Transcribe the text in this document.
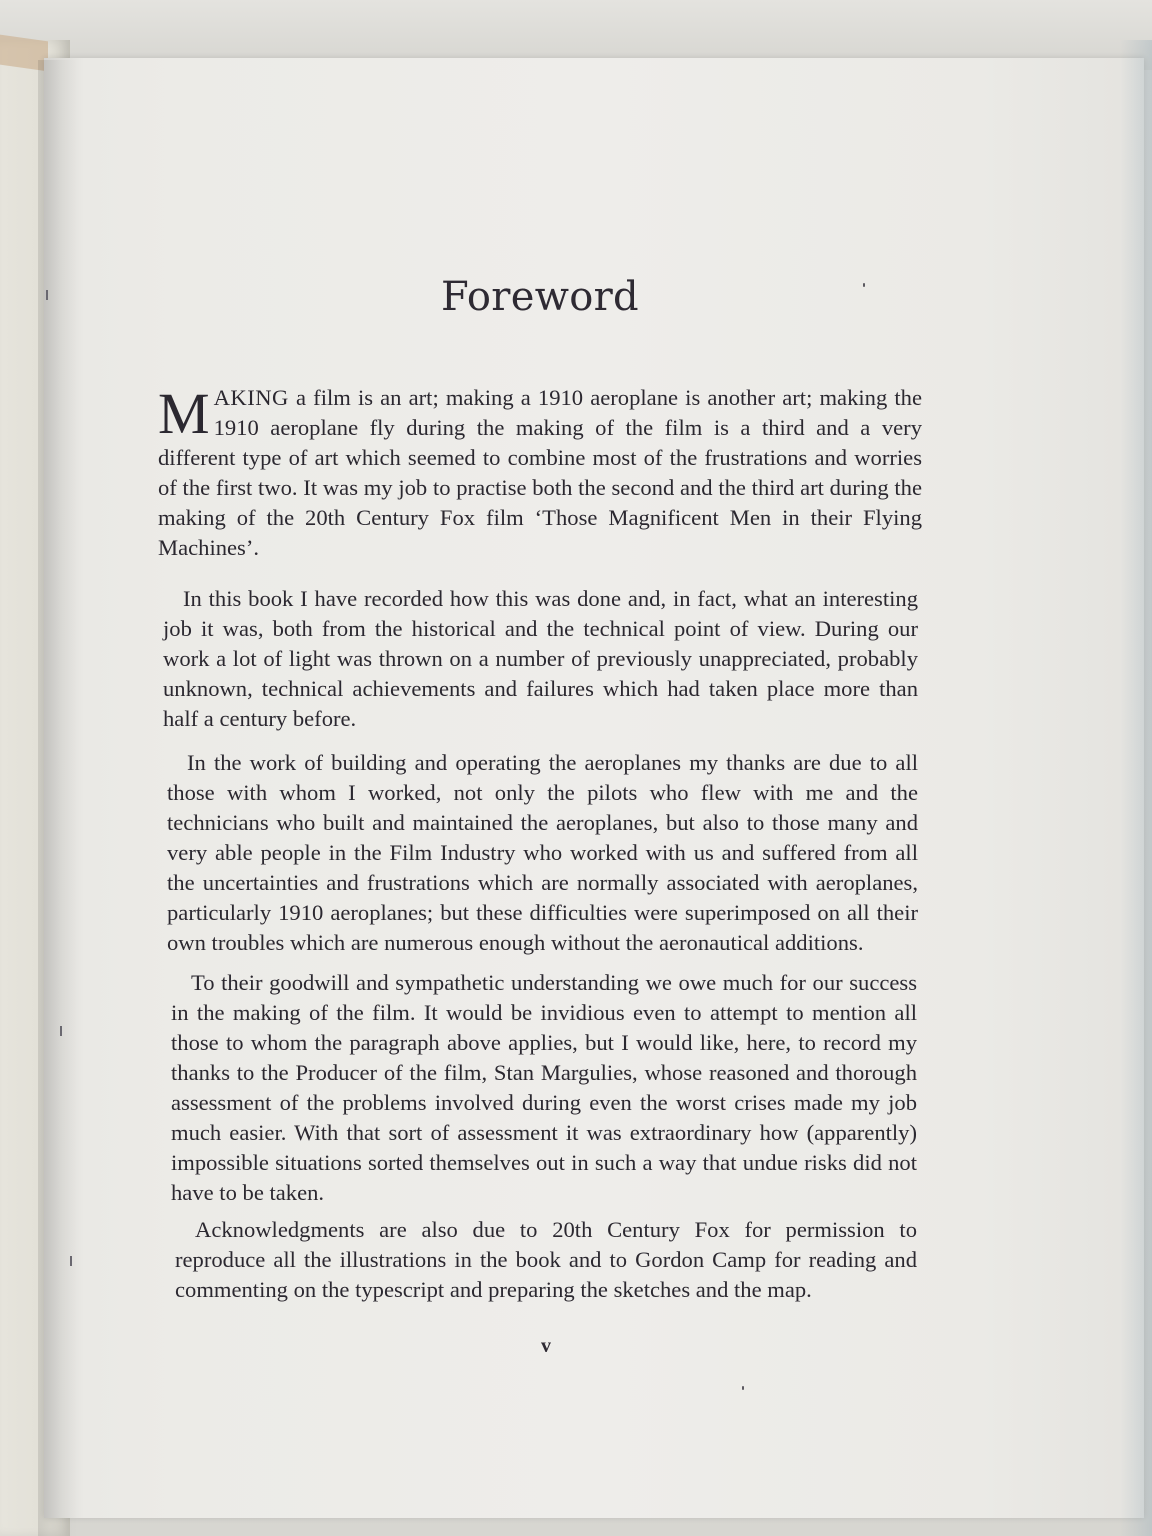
Foreword

MAKING a film is an art; making a 1910 aeroplane is another art; making the 1910 aeroplane fly during the making of the film is a third and a very different type of art which seemed to combine most of the frustrations and worries of the first two. It was my job to practise both the second and the third art during the making of the 20th Century Fox film ‘Those Magnificent Men in their Flying Machines’.

In this book I have recorded how this was done and, in fact, what an interesting job it was, both from the historical and the technical point of view. During our work a lot of light was thrown on a number of previously unappreciated, probably unknown, technical achievements and failures which had taken place more than half a century before.

In the work of building and operating the aeroplanes my thanks are due to all those with whom I worked, not only the pilots who flew with me and the technicians who built and maintained the aeroplanes, but also to those many and very able people in the Film Industry who worked with us and suffered from all the uncertainties and frustrations which are normally associated with aeroplanes, particularly 1910 aeroplanes; but these difficulties were superimposed on all their own troubles which are numerous enough without the aeronautical additions.

To their goodwill and sympathetic understanding we owe much for our success in the making of the film. It would be invidious even to attempt to mention all those to whom the paragraph above applies, but I would like, here, to record my thanks to the Producer of the film, Stan Margulies, whose reasoned and thorough assessment of the problems involved during even the worst crises made my job much easier. With that sort of assessment it was extraordinary how (apparently) impossible situations sorted themselves out in such a way that undue risks did not have to be taken.

Acknowledgments are also due to 20th Century Fox for permission to reproduce all the illustrations in the book and to Gordon Camp for reading and commenting on the typescript and preparing the sketches and the map.

v
